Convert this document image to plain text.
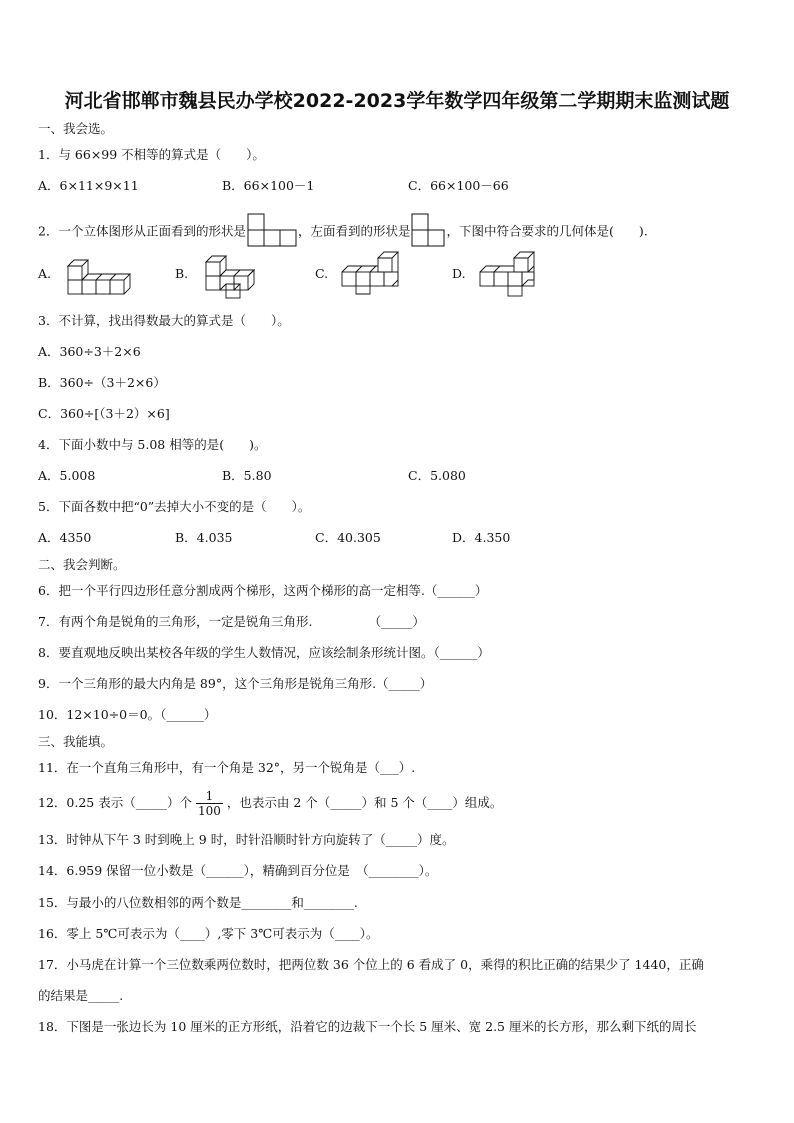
河北省邯郸市魏县民办学校2022-2023学年数学四年级第二学期期末监测试题
一、我会选。
1．与 66×99 不相等的算式是（　　）。
A．6×11×9×11	B．66×100－1	C．66×100－66
2．一个立体图形从正面看到的形状是	，左面看到的形状是	，下图中符合要求的几何体是(　　).
A.	B.	C.	D.
3．不计算，找出得数最大的算式是（　　）。
A．360÷3＋2×6
B．360÷（3＋2×6）
C．360÷[（3＋2）×6]
4．下面小数中与 5.08 相等的是(　　)。
A．5.008	B．5.80	C．5.080
5．下面各数中把“0”去掉大小不变的是（　　）。
A．4350	B．4.035	C．40.305	D．4.350
二、我会判断。
6．把一个平行四边形任意分割成两个梯形，这两个梯形的高一定相等.（______）
7．有两个角是锐角的三角形，一定是锐角三角形.　　　　　（_____）
8．要直观地反映出某校各年级的学生人数情况，应该绘制条形统计图。（______）
9．一个三角形的最大内角是 89°，这个三角形是锐角三角形.（_____）
10．12×10÷0＝0。（______）
三、我能填。
11．在一个直角三角形中，有一个角是 32°，另一个锐角是（___）.
12．0.25 表示（_____）个 $\frac{1}{100}$ ，也表示由 2 个（_____）和 5 个（____）组成。
13．时钟从下午 3 时到晚上 9 时，时针沿顺时针方向旋转了（_____）度。
14．6.959 保留一位小数是（______），精确到百分位是　（________）。
15．与最小的八位数相邻的两个数是________和________.
16．零上 5℃可表示为（____）,零下 3℃可表示为（____）。
17．小马虎在计算一个三位数乘两位数时，把两位数 36 个位上的 6 看成了 0，乘得的积比正确的结果少了 1440，正确
的结果是_____.
18．下图是一张边长为 10 厘米的正方形纸，沿着它的边裁下一个长 5 厘米、宽 2.5 厘米的长方形，那么剩下纸的周长
